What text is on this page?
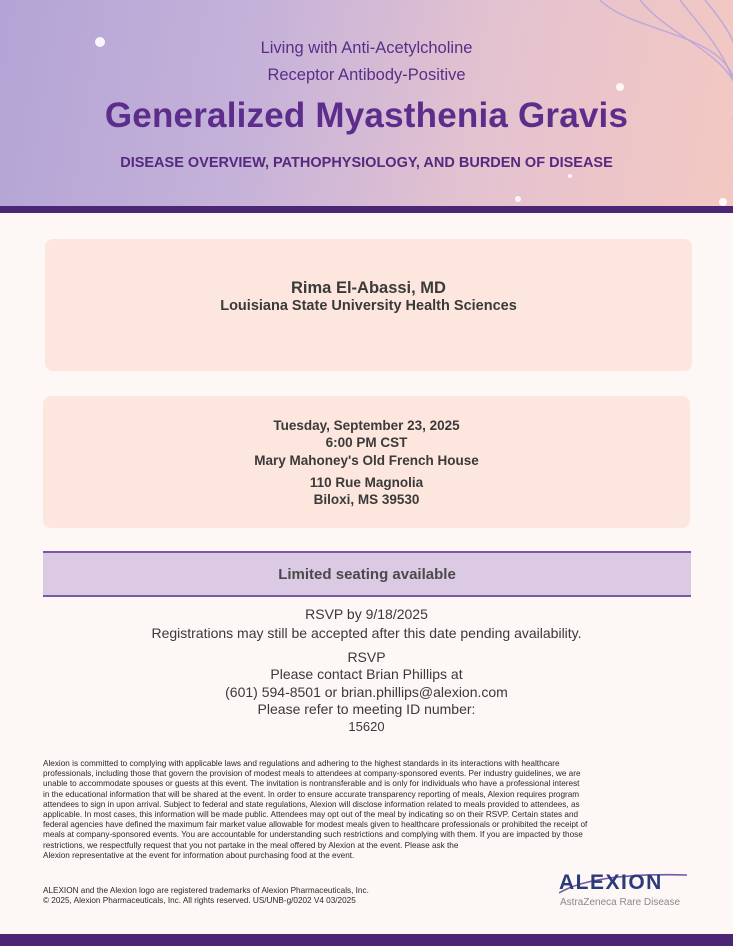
Living with Anti-Acetylcholine
Receptor Antibody-Positive
Generalized Myasthenia Gravis
DISEASE OVERVIEW, PATHOPHYSIOLOGY, AND BURDEN OF DISEASE
Rima El-Abassi, MD
Louisiana State University Health Sciences
Tuesday, September 23, 2025
6:00 PM CST
Mary Mahoney's Old French House
110 Rue Magnolia
Biloxi, MS 39530
Limited seating available
RSVP by 9/18/2025
Registrations may still be accepted after this date pending availability.
RSVP
Please contact Brian Phillips at
(601) 594-8501 or brian.phillips@alexion.com
Please refer to meeting ID number:
15620
Alexion is committed to complying with applicable laws and regulations and adhering to the highest standards in its interactions with healthcare
professionals, including those that govern the provision of modest meals to attendees at company-sponsored events. Per industry guidelines, we are
unable to accommodate spouses or guests at this event. The invitation is nontransferable and is only for individuals who have a professional interest
in the educational information that will be shared at the event. In order to ensure accurate transparency reporting of meals, Alexion requires program
attendees to sign in upon arrival. Subject to federal and state regulations, Alexion will disclose information related to meals provided to attendees, as
applicable. In most cases, this information will be made public. Attendees may opt out of the meal by indicating so on their RSVP. Certain states and
federal agencies have defined the maximum fair market value allowable for modest meals given to healthcare professionals or prohibited the receipt of
meals at company-sponsored events. You are accountable for understanding such restrictions and complying with them. If you are impacted by those
restrictions, we respectfully request that you not partake in the meal offered by Alexion at the event. Please ask the
Alexion representative at the event for information about purchasing food at the event.
ALEXION and the Alexion logo are registered trademarks of Alexion Pharmaceuticals, Inc.
© 2025, Alexion Pharmaceuticals, Inc. All rights reserved. US/UNB-g/0202 V4 03/2025
ALEXION
AstraZeneca Rare Disease
